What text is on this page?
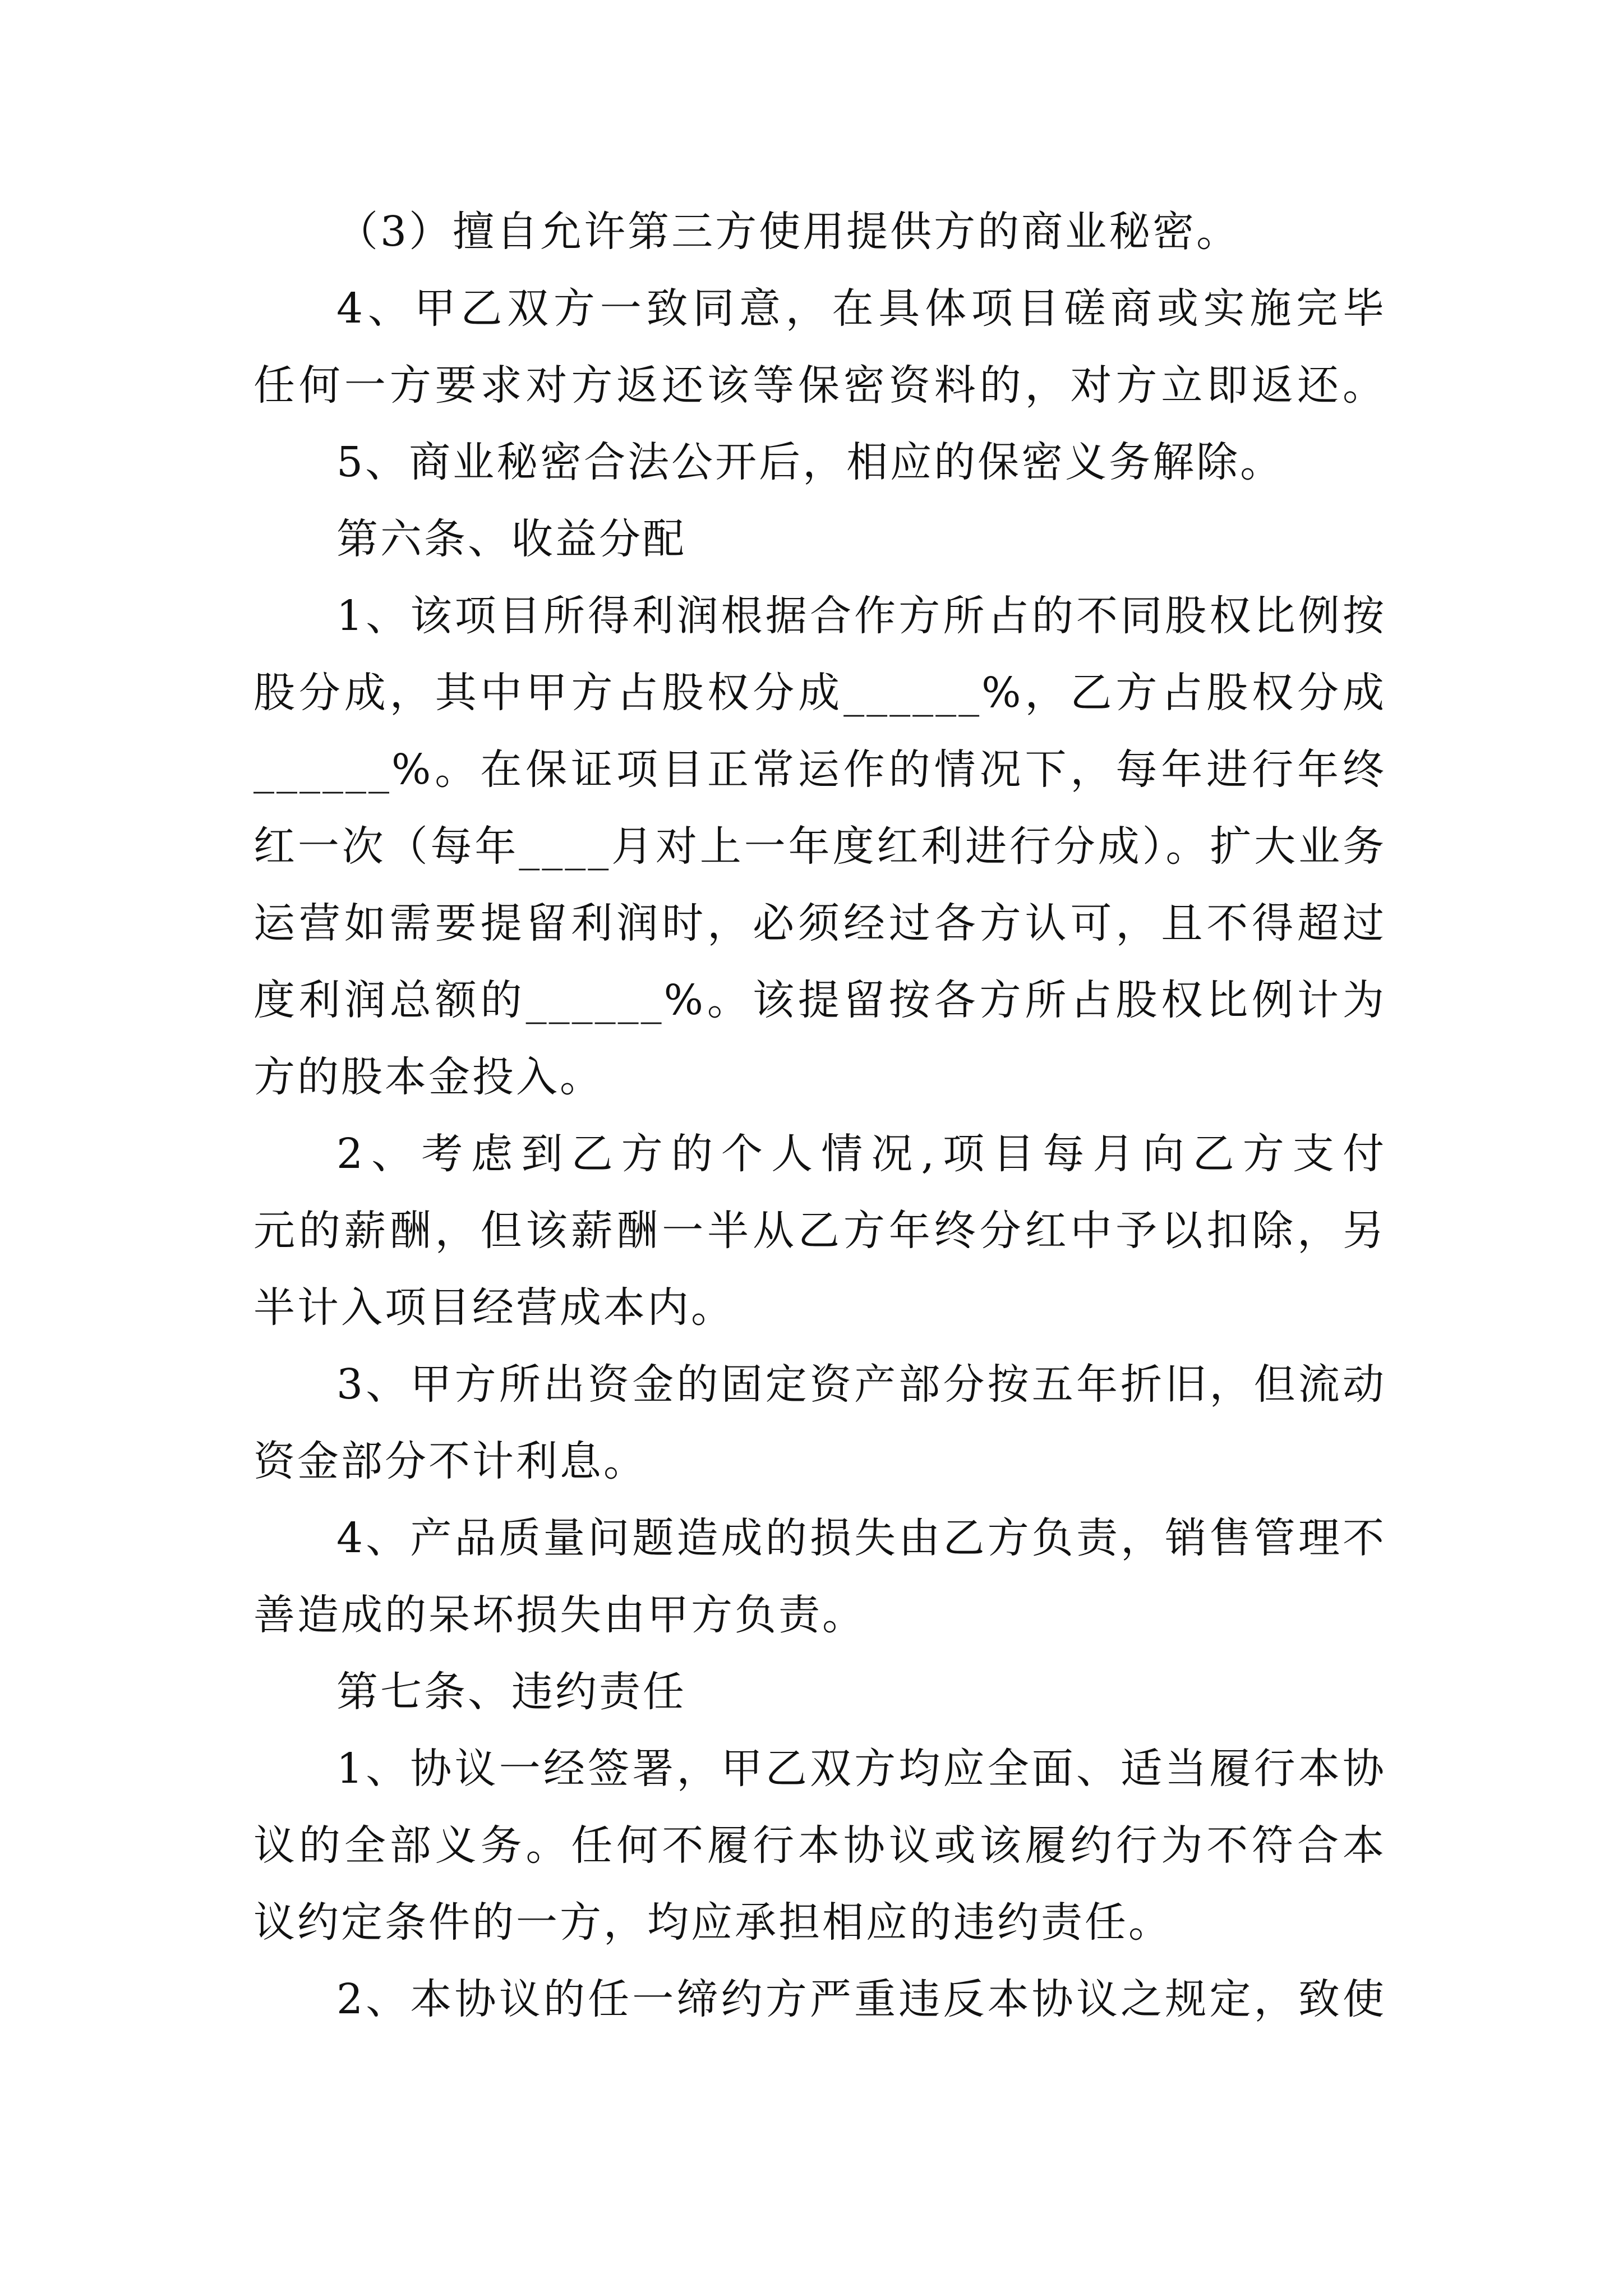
（3）擅自允许第三方使用提供方的商业秘密。
4、甲乙双方一致同意，在具体项目磋商或实施完毕
任何一方要求对方返还该等保密资料的，对方立即返还。
5、商业秘密合法公开后，相应的保密义务解除。
第六条、收益分配
1、该项目所得利润根据合作方所占的不同股权比例按
股分成，其中甲方占股权分成______%，乙方占股权分成
______%。在保证项目正常运作的情况下，每年进行年终
红一次（每年____月对上一年度红利进行分成）。扩大业务
运营如需要提留利润时，必须经过各方认可，且不得超过
度利润总额的______%。该提留按各方所占股权比例计为
方的股本金投入。
2、考虑到乙方的个人情况,项目每月向乙方支付
元的薪酬，但该薪酬一半从乙方年终分红中予以扣除，另
半计入项目经营成本内。
3、甲方所出资金的固定资产部分按五年折旧，但流动
资金部分不计利息。
4、产品质量问题造成的损失由乙方负责，销售管理不
善造成的呆坏损失由甲方负责。
第七条、违约责任
1、协议一经签署，甲乙双方均应全面、适当履行本协
议的全部义务。任何不履行本协议或该履约行为不符合本
议约定条件的一方，均应承担相应的违约责任。
2、本协议的任一缔约方严重违反本协议之规定，致使
